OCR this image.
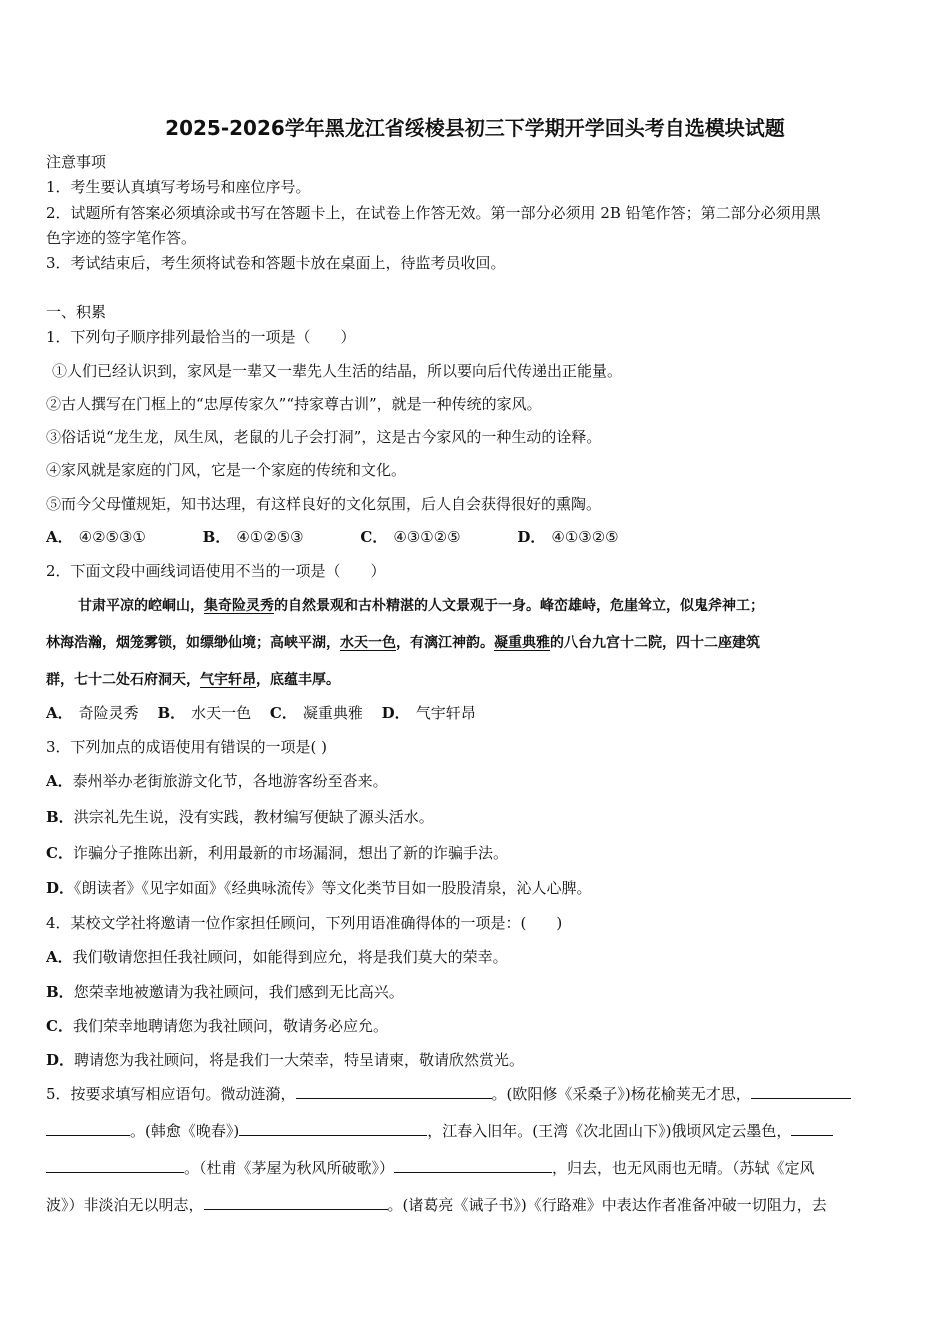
2025-2026学年黑龙江省绥棱县初三下学期开学回头考自选模块试题
注意事项
1．考生要认真填写考场号和座位序号。
2．试题所有答案必须填涂或书写在答题卡上，在试卷上作答无效。第一部分必须用 2B 铅笔作答；第二部分必须用黑
色字迹的签字笔作答。
3．考试结束后，考生须将试卷和答题卡放在桌面上，待监考员收回。
一、积累
1．下列句子顺序排列最恰当的一项是（　　）
①人们已经认识到，家风是一辈又一辈先人生活的结晶，所以要向后代传递出正能量。
②古人撰写在门框上的“忠厚传家久”“持家尊古训”，就是一种传统的家风。
③俗话说“龙生龙，凤生凤，老鼠的儿子会打洞”，这是古今家风的一种生动的诠释。
④家风就是家庭的门风，它是一个家庭的传统和文化。
⑤而今父母懂规矩，知书达理，有这样良好的文化氛围，后人自会获得很好的熏陶。
A． ④②⑤③①	B． ④①②⑤③	C． ④③①②⑤	D． ④①③②⑤
2．下面文段中画线词语使用不当的一项是（　　）
甘肃平凉的崆峒山，集奇险灵秀的自然景观和古朴精湛的人文景观于一身。峰峦雄峙，危崖耸立，似鬼斧神工；
林海浩瀚，烟笼雾锁，如缥缈仙境；高峡平湖，水天一色，有漓江神韵。凝重典雅的八台九宫十二院，四十二座建筑
群，七十二处石府洞天，气宇轩昂，底蕴丰厚。
A． 奇险灵秀 B． 水天一色 C． 凝重典雅 D． 气宇轩昂
3．下列加点的成语使用有错误的一项是( )
A．泰州举办老街旅游文化节，各地游客纷至沓来。
B．洪宗礼先生说，没有实践，教材编写便缺了源头活水。
C．诈骗分子推陈出新，利用最新的市场漏洞，想出了新的诈骗手法。
D．《朗读者》《见字如面》《经典咏流传》等文化类节目如一股股清泉，沁人心脾。
4．某校文学社将邀请一位作家担任顾问，下列用语准确得体的一项是：(　　)
A．我们敬请您担任我社顾问，如能得到应允，将是我们莫大的荣幸。
B．您荣幸地被邀请为我社顾问，我们感到无比高兴。
C．我们荣幸地聘请您为我社顾问，敬请务必应允。
D．聘请您为我社顾问，将是我们一大荣幸，特呈请柬，敬请欣然赏光。
5．按要求填写相应语句。微动涟漪，	。(欧阳修《采桑子》)杨花榆荚无才思，
。(韩愈《晚春》)	，江春入旧年。(王湾《次北固山下》)俄顷风定云墨色，
。（杜甫《茅屋为秋风所破歌》）	，归去，也无风雨也无晴。（苏轼《定风
波》）非淡泊无以明志，	。(诸葛亮《诫子书》)《行路难》中表达作者准备冲破一切阻力，去
